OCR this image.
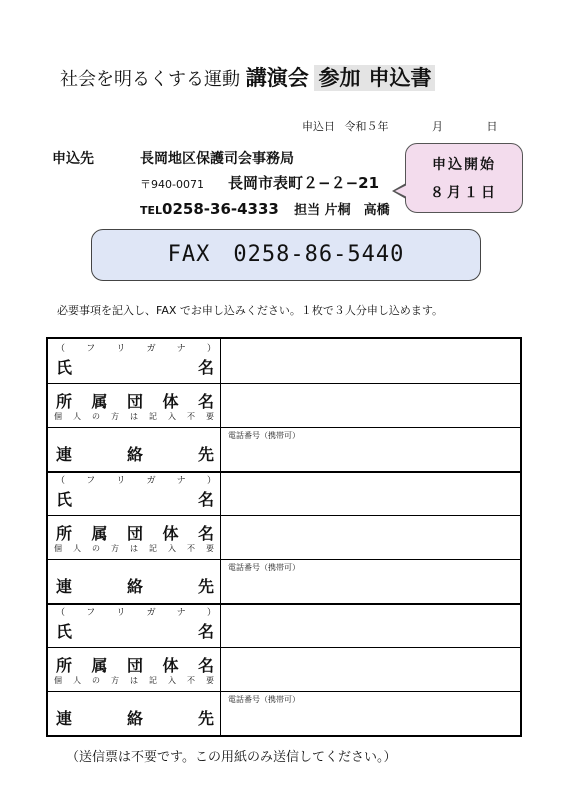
社会を明るくする運動 講演会 参加 申込書
申込日 令和５年	月	日
申込先	長岡地区保護司会事務局
〒940-0071 長岡市表町２−２−21
TEL0258-36-4333 担当 片桐　高橋
申込開始
８月１日
FAX　0258-86-5440
必要事項を記入し、FAX でお申し込みください。１枚で３人分申し込めます。
（ フ リ ガ ナ ）
氏	名
所 属 団 体 名
個 人 の 方 は 記 入 不 要
連	絡	先
電話番号（携帯可）
（ フ リ ガ ナ ）
氏	名
所 属 団 体 名
個 人 の 方 は 記 入 不 要
連	絡	先
電話番号（携帯可）
（ フ リ ガ ナ ）
氏	名
所 属 団 体 名
個 人 の 方 は 記 入 不 要
連	絡	先
電話番号（携帯可）
（送信票は不要です。この用紙のみ送信してください。）
